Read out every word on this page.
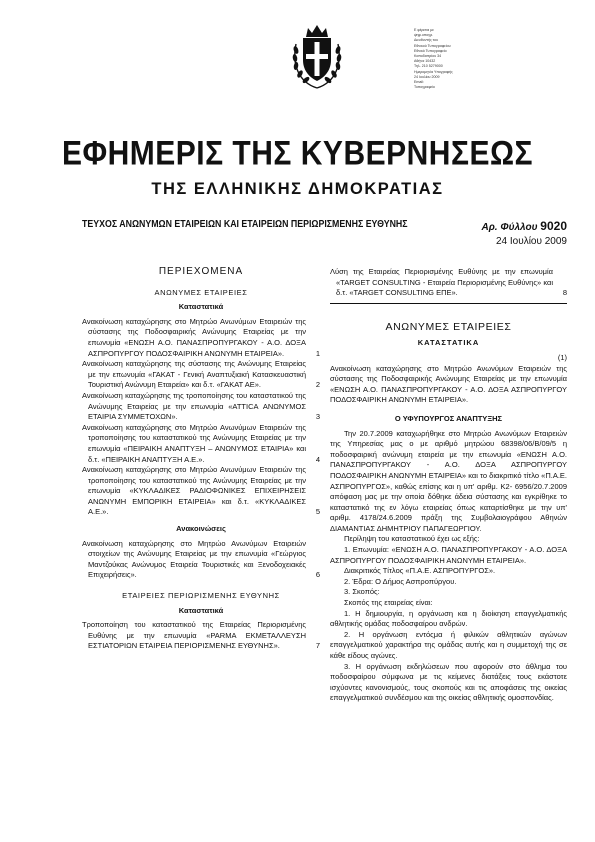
Ε φέρεται με
ψηφ.υπογρ.
Διευθυντής του
Εθνικού Τυπογραφείου
Εθνικό Τυπογραφείο
Καποδιστρίου 34
Αθήνα 10432
Τηλ. 210 5279000
Ημερομηνία Υπογραφής
24 Ιουλίου 2009
Email:
Τυπογραφείο
ΕΦΗΜΕΡΙΣ ΤΗΣ ΚΥΒΕΡΝΗΣΕΩΣ
ΤΗΣ ΕΛΛΗΝΙΚΗΣ ΔΗΜΟΚΡΑΤΙΑΣ
ΤΕΥΧΟΣ ΑΝΩΝΥΜΩΝ ΕΤΑΙΡΕΙΩΝ ΚΑΙ ΕΤΑΙΡΕΙΩΝ ΠΕΡΙΩΡΙΣΜΕΝΗΣ ΕΥΘΥΝΗΣ	Αρ. Φύλλου 9020
24 Ιουλίου 2009
ΠΕΡΙΕΧΟΜΕΝΑ
ΑΝΩΝΥΜΕΣ ΕΤΑΙΡΕΙΕΣ
Καταστατικά
Ανακοίνωση καταχώρησης στο Μητρώο Ανωνύμων Εταιρειών της σύστασης της Ποδοσφαιρικής Ανώνυμης Εταιρείας με την επωνυμία «ΕΝΩΣΗ Α.Ο. ΠΑΝΑΣΠΡΟΠΥΡΓΑΚΟΥ - Α.Ο. ΔΟΞΑ ΑΣΠΡΟΠΥΡΓΟΥ ΠΟΔΟΣΦΑΙΡΙΚΗ ΑΝΩΝΥΜΗ ΕΤΑΙΡΕΙΑ».	1
Ανακοίνωση καταχώρησης της σύστασης της Ανώνυμης Εταιρείας με την επωνυμία «ΓΑΚΑΤ - Γενική Αναπτυξιακή Κατασκευαστική Τουριστική Ανώνυμη Εταιρεία» και δ.τ. «ΓΑΚΑΤ ΑΕ».	2
Ανακοίνωση καταχώρησης της τροποποίησης του καταστατικού της Ανώνυμης Εταιρείας με την επωνυμία «ATTICA ΑΝΩΝΥΜΟΣ ΕΤΑΙΡΙΑ ΣΥΜΜΕΤΟΧΩΝ».	3
Ανακοίνωση καταχώρησης στο Μητρώο Ανωνύμων Εταιρειών της τροποποίησης του καταστατικού της Ανώνυμης Εταιρείας με την επωνυμία «ΠΕΙΡΑΙΚΗ ΑΝΑΠΤΥΞΗ – ΑΝΩΝΥΜΟΣ ΕΤΑΙΡΙΑ» και δ.τ. «ΠΕΙΡΑΙΚΗ ΑΝΑΠΤΥΞΗ Α.Ε.».	4
Ανακοίνωση καταχώρησης στο Μητρώο Ανωνύμων Εταιρειών της τροποποίησης του καταστατικού της Ανώνυμης Εταιρείας με την επωνυμία «ΚΥΚΛΑΔΙΚΕΣ ΡΑΔΙΟΦΩΝΙΚΕΣ ΕΠΙΧΕΙΡΗΣΕΙΣ ΑΝΩΝΥΜΗ ΕΜΠΟΡΙΚΗ ΕΤΑΙΡΕΙΑ» και δ.τ. «ΚΥΚΛΑΔΙΚΕΣ Α.Ε.».	5
Ανακοινώσεις
Ανακοίνωση καταχώρησης στο Μητρώο Ανωνύμων Εταιρειών στοιχείων της Ανώνυμης Εταιρείας με την επωνυμία «Γεώργιος Μαντζούκας Ανώνυμος Εταιρεία Τουριστικές και Ξενοδοχειακές Επιχειρήσεις».	6
ΕΤΑΙΡΕΙΕΣ ΠΕΡΙΩΡΙΣΜΕΝΗΣ ΕΥΘΥΝΗΣ
Καταστατικά
Τροποποίηση του καταστατικού της Εταιρείας Περιορισμένης Ευθύνης με την επωνυμία «PARMA ΕΚΜΕΤΑΛΛΕΥΣΗ ΕΣΤΙΑΤΟΡΙΩΝ ΕΤΑΙΡΕΙΑ ΠΕΡΙΟΡΙΣΜΕΝΗΣ ΕΥΘΥΝΗΣ».	7
Λύση της Εταιρείας Περιορισμένης Ευθύνης με την επωνυμία «TARGET CONSULTING - Εταιρεία Περιορισμένης Ευθύνης» και δ.τ. «TARGET CONSULTING ΕΠΕ».	8
ΑΝΩΝΥΜΕΣ ΕΤΑΙΡΕΙΕΣ
ΚΑΤΑΣΤΑΤΙΚΑ
(1)
Ανακοίνωση καταχώρησης στο Μητρώο Ανωνύμων Εταιρειών της σύστασης της Ποδοσφαιρικής Ανώνυμης Εταιρείας με την επωνυμία «ΕΝΩΣΗ Α.Ο. ΠΑΝΑΣΠΡΟΠΥΡΓΑΚΟΥ - Α.Ο. ΔΟΞΑ ΑΣΠΡΟΠΥΡΓΟΥ ΠΟΔΟΣΦΑΙΡΙΚΗ ΑΝΩΝΥΜΗ ΕΤΑΙΡΕΙΑ».
Ο ΥΦΥΠΟΥΡΓΟΣ ΑΝΑΠΤΥΞΗΣ
Την 20.7.2009 καταχωρήθηκε στο Μητρώο Ανωνύμων Εταιρειών της Υπηρεσίας μας ο με αριθμό μητρώου 68398/06/B/09/5 η ποδοσφαιρική ανώνυμη εταιρεία με την επωνυμία «ΕΝΩΣΗ Α.Ο. ΠΑΝΑΣΠΡΟΠΥΡΓΑΚΟΥ - Α.Ο. ΔΟΞΑ ΑΣΠΡΟΠΥΡΓΟΥ ΠΟΔΟΣΦΑΙΡΙΚΗ ΑΝΩΝΥΜΗ ΕΤΑΙΡΕΙΑ» και το διακριτικό τίτλο «Π.Α.Ε. ΑΣΠΡΟΠΥΡΓΟΣ», καθώς επίσης και η υπ' αριθμ. Κ2- 6956/20.7.2009 απόφαση μας με την οποία δόθηκε άδεια σύστασης και εγκρίθηκε το καταστατικό της εν λόγω εταιρείας όπως καταρτίσθηκε με την υπ' αριθμ. 4178/24.6.2009 πράξη της Συμβολαιογράφου Αθηνών ΔΙΑΜΑΝΤΙΑΣ ΔΗΜΗΤΡΙΟΥ ΠΑΠΑΓΕΩΡΓΙΟΥ.
Περίληψη του καταστατικού έχει ως εξής:
1. Επωνυμία: «ΕΝΩΣΗ Α.Ο. ΠΑΝΑΣΠΡΟΠΥΡΓΑΚΟΥ - Α.Ο. ΔΟΞΑ ΑΣΠΡΟΠΥΡΓΟΥ ΠΟΔΟΣΦΑΙΡΙΚΗ ΑΝΩΝΥΜΗ ΕΤΑΙΡΕΙΑ».
Διακριτικός Τίτλος «Π.Α.Ε. ΑΣΠΡΟΠΥΡΓΟΣ».
2. Έδρα: Ο Δήμος Ασπροπύργου.
3. Σκοπός:
Σκοπός της εταιρείας είναι:
1. Η δημιουργία, η οργάνωση και η διοίκηση επαγγελματικής αθλητικής ομάδας ποδοσφαίρου ανδρών.
2. Η οργάνωση εντόςμα ή φιλικών αθλητικών αγώνων επαγγελματικού χαρακτήρα της ομάδας αυτής και η συμμετοχή της σε κάθε είδους αγώνες.
3. Η οργάνωση εκδηλώσεων που αφορούν στο άθλημα του ποδοσφαίρου σύμφωνα με τις κείμενες διατάξεις τους εκάστοτε ισχύοντες κανονισμούς, τους σκοπούς και τις αποφάσεις της οικείας επαγγελματικού συνδέσμου και της οικείας αθλητικής ομοσπονδίας.
